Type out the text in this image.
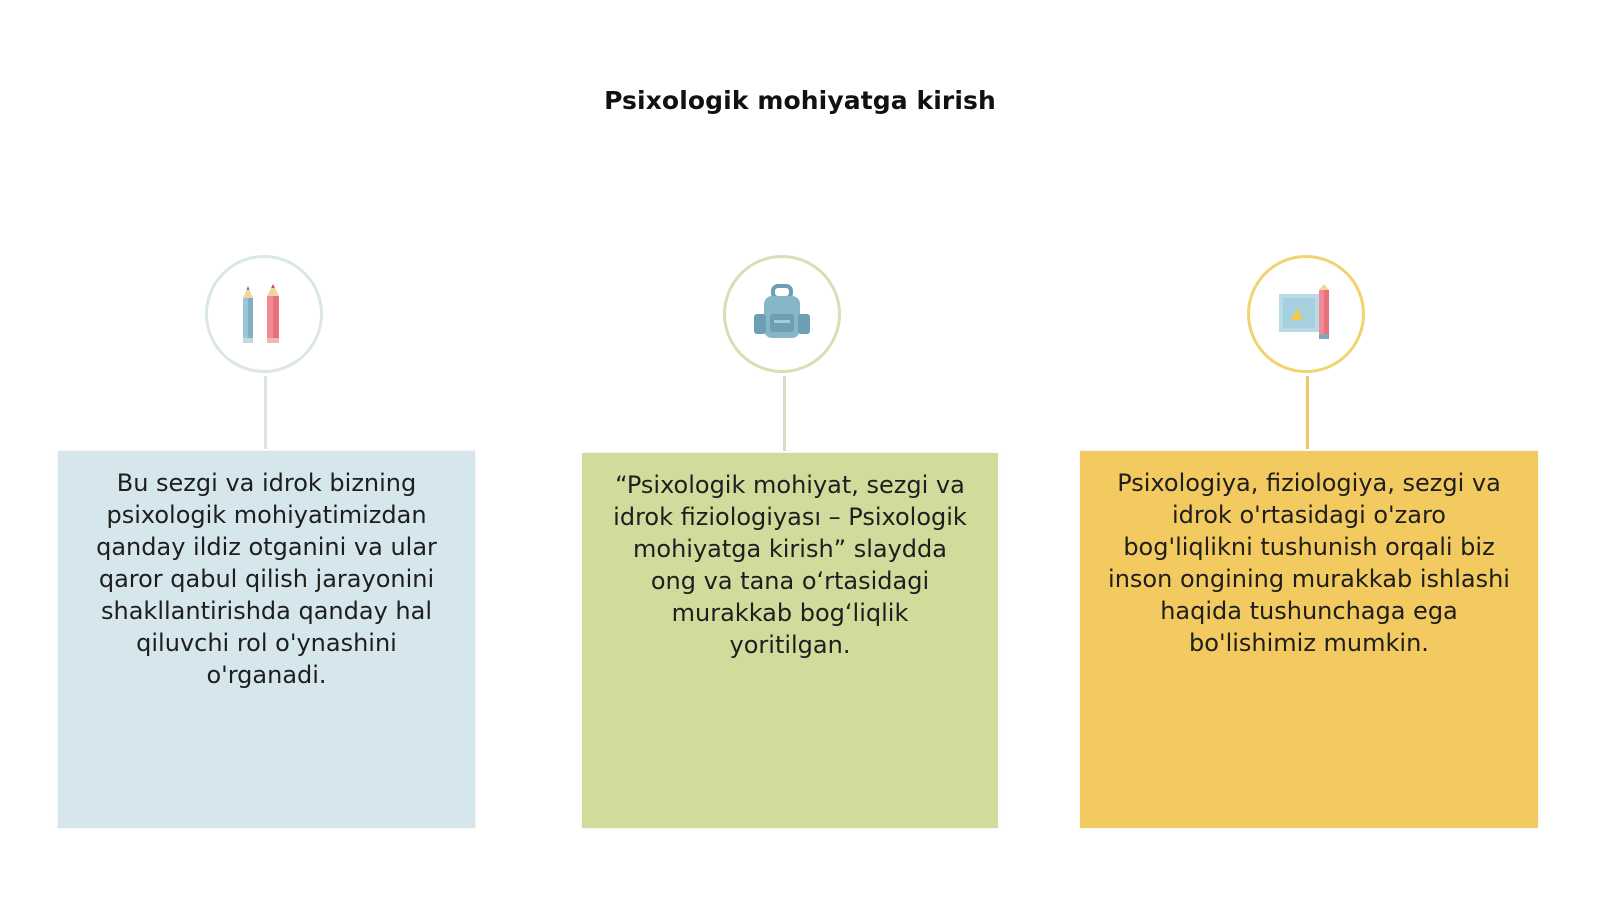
Psixologik mohiyatga kirish
Bu sezgi va idrok bizning psixologik mohiyatimizdan qanday ildiz otganini va ular qaror qabul qilish jarayonini shakllantirishda qanday hal qiluvchi rol o'ynashini o'rganadi.
“Psixologik mohiyat, sezgi va idrok fiziologiyası – Psixologik mohiyatga kirish” slaydda ong va tana oʻrtasidagi murakkab bogʻliqlik yoritilgan.
Psixologiya, fiziologiya, sezgi va idrok o'rtasidagi o'zaro bog'liqlikni tushunish orqali biz inson ongining murakkab ishlashi haqida tushunchaga ega bo'lishimiz mumkin.
